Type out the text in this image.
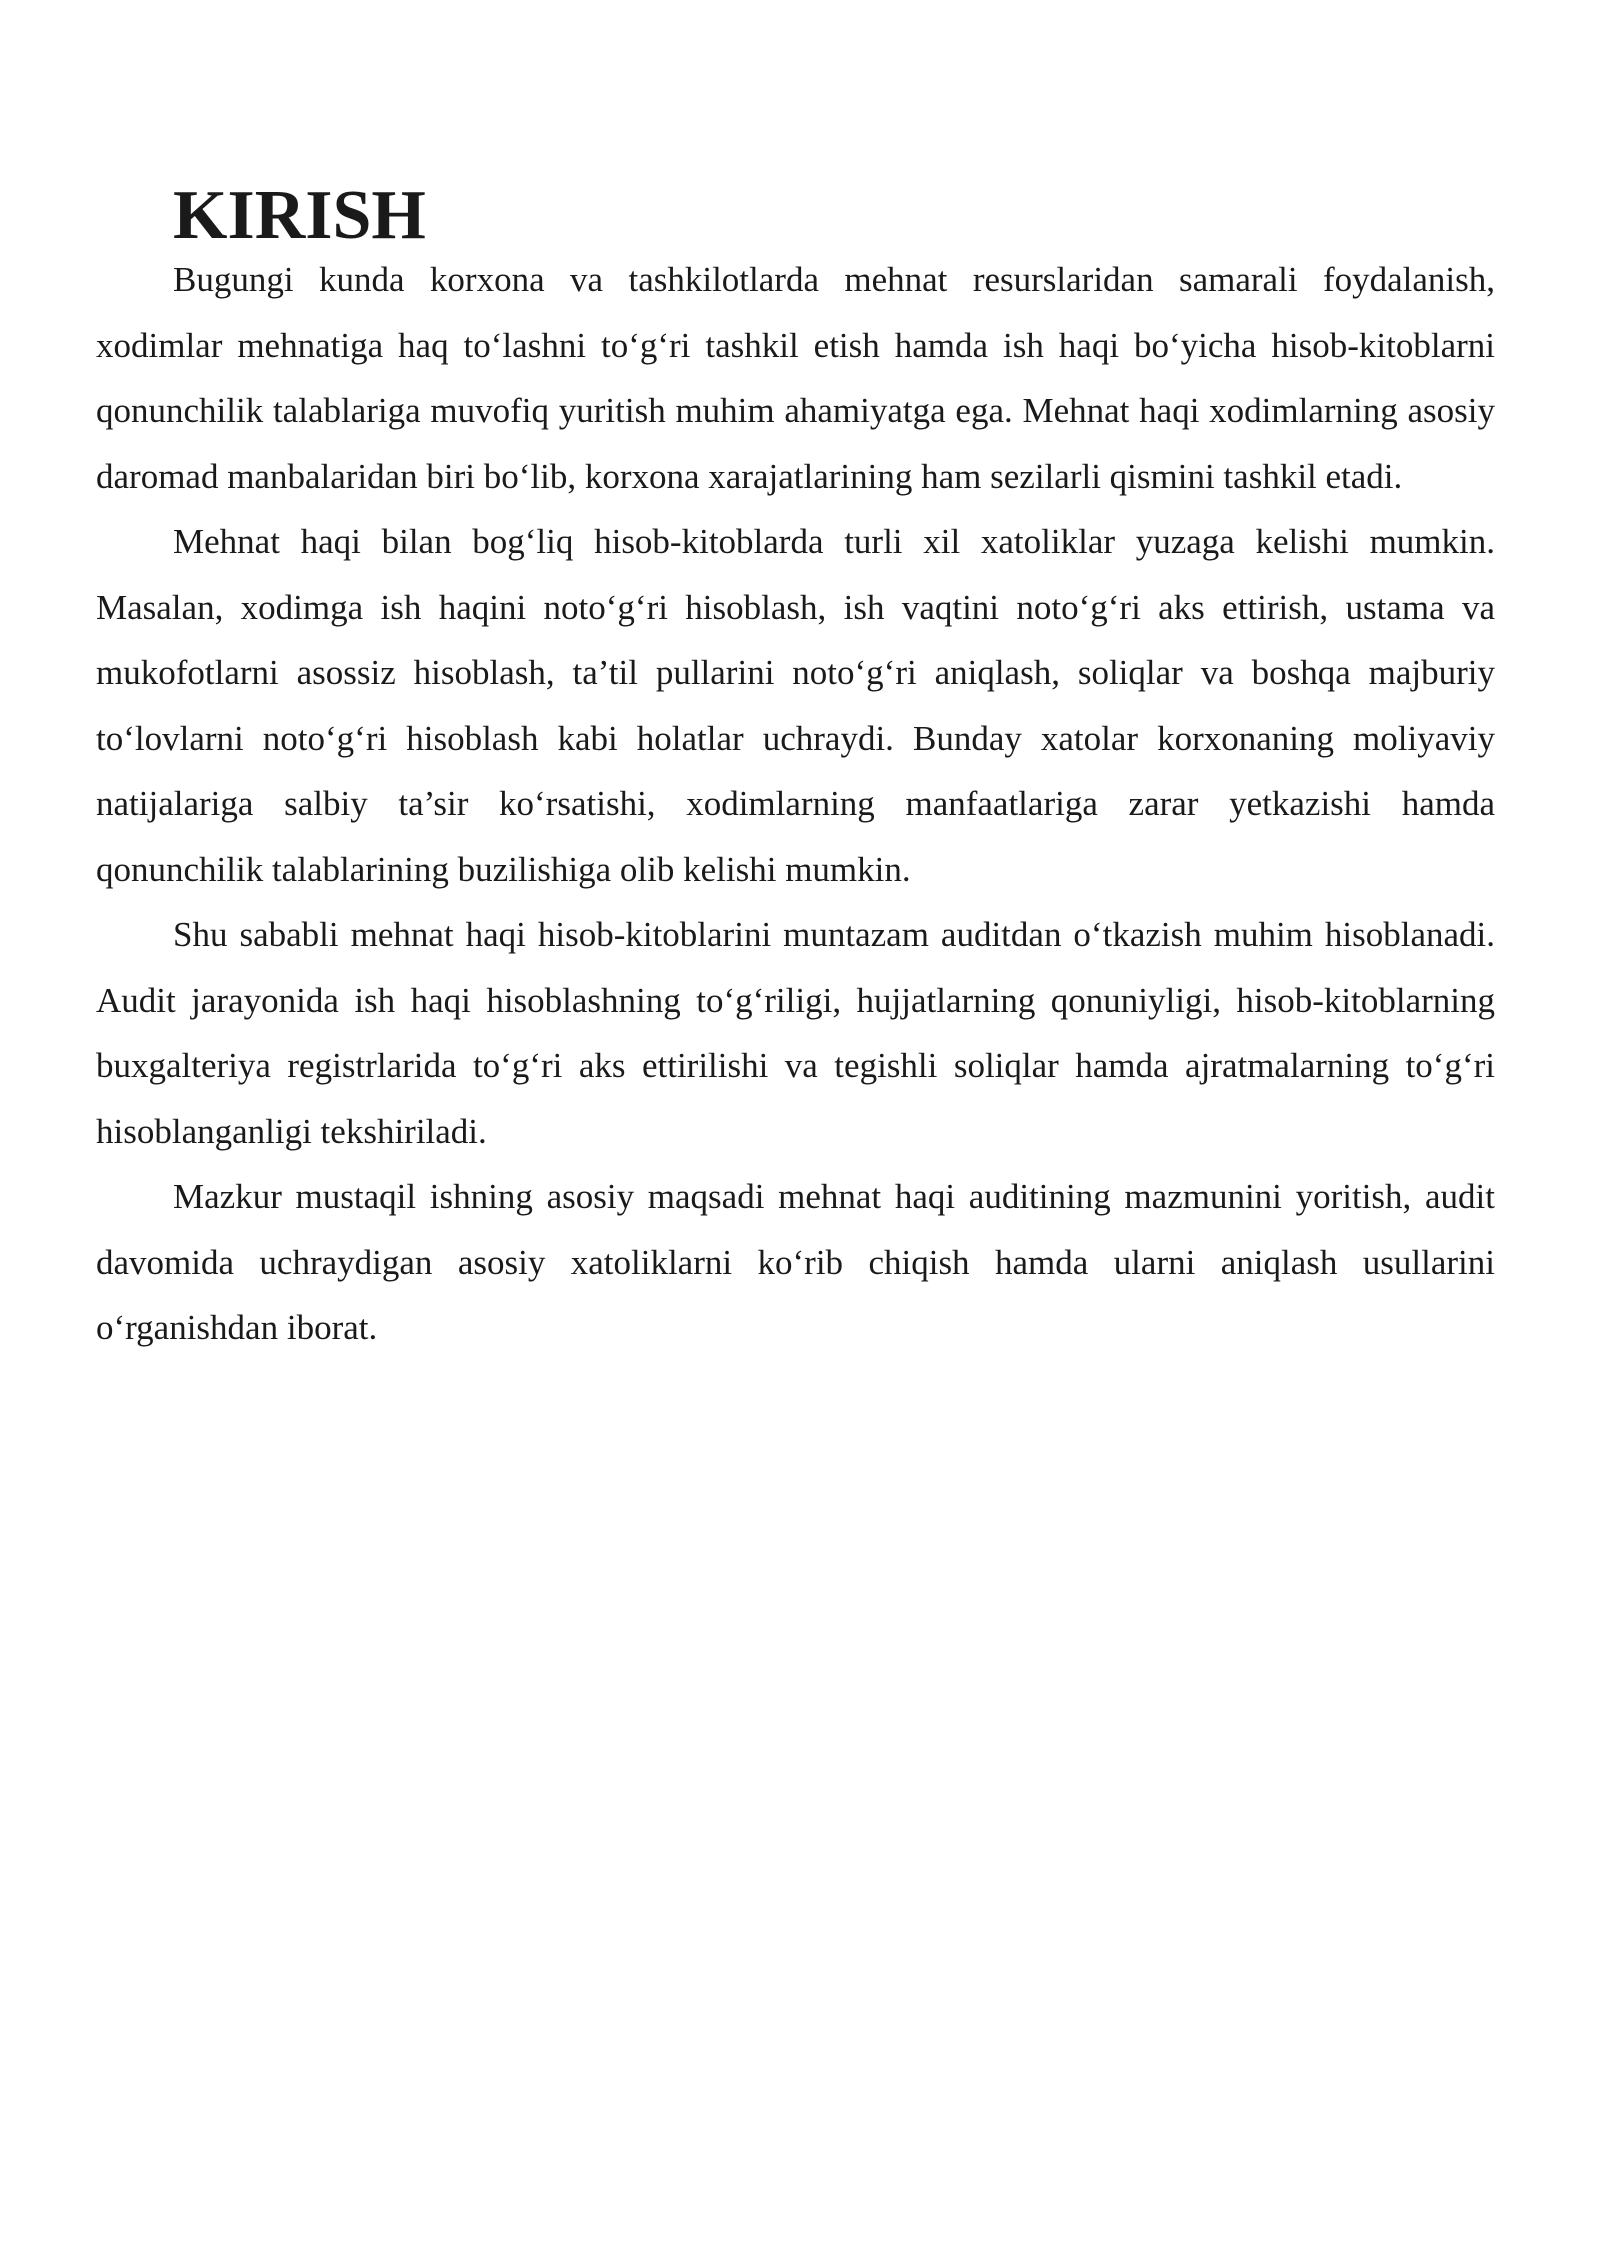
KIRISH

Bugungi kunda korxona va tashkilotlarda mehnat resurslaridan samarali foydalanish, xodimlar mehnatiga haq to‘lashni to‘g‘ri tashkil etish hamda ish haqi bo‘yicha hisob-kitoblarni qonunchilik talablariga muvofiq yuritish muhim ahamiyatga ega. Mehnat haqi xodimlarning asosiy daromad manbalaridan biri bo‘lib, korxona xarajatlarining ham sezilarli qismini tashkil etadi.

Mehnat haqi bilan bog‘liq hisob-kitoblarda turli xil xatoliklar yuzaga kelishi mumkin. Masalan, xodimga ish haqini noto‘g‘ri hisoblash, ish vaqtini noto‘g‘ri aks ettirish, ustama va mukofotlarni asossiz hisoblash, ta’til pullarini noto‘g‘ri aniqlash, soliqlar va boshqa majburiy to‘lovlarni noto‘g‘ri hisoblash kabi holatlar uchraydi. Bunday xatolar korxonaning moliyaviy natijalariga salbiy ta’sir ko‘rsatishi, xodimlarning manfaatlariga zarar yetkazishi hamda qonunchilik talablarining buzilishiga olib kelishi mumkin.

Shu sababli mehnat haqi hisob-kitoblarini muntazam auditdan o‘tkazish muhim hisoblanadi. Audit jarayonida ish haqi hisoblashning to‘g‘riligi, hujjatlarning qonuniyligi, hisob-kitoblarning buxgalteriya registrlarida to‘g‘ri aks ettirilishi va tegishli soliqlar hamda ajratmalarning to‘g‘ri hisoblanganligi tekshiriladi.

Mazkur mustaqil ishning asosiy maqsadi mehnat haqi auditining mazmunini yoritish, audit davomida uchraydigan asosiy xatoliklarni ko‘rib chiqish hamda ularni aniqlash usullarini o‘rganishdan iborat.
